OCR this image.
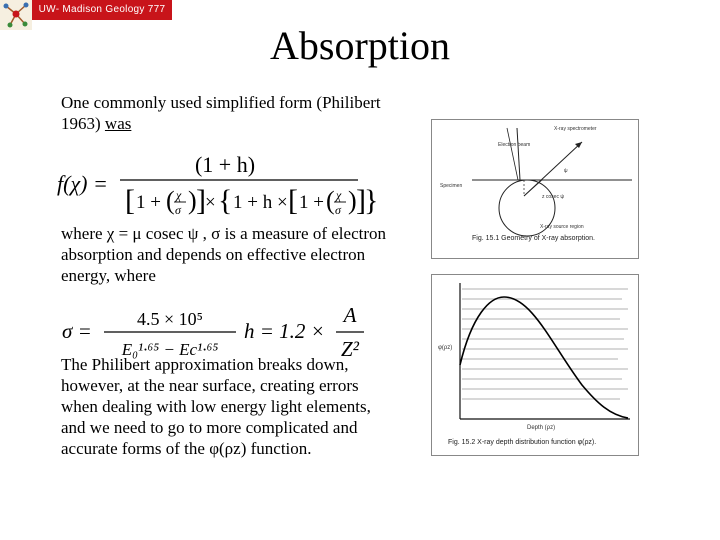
UW- Madison Geology 777
Absorption
One commonly used simplified form (Philibert 1963) was
f(χ) =
(1 + h)
[ 1 + ( χ
σ ) ] × { 1 + h × [ 1 + ( χ
σ ) ]
}
where χ = μ cosec ψ , σ is a measure of electron absorption and depends on effective electron energy, where
σ =	4.5 × 10⁵
E₀¹·⁶⁵ − Ec¹·⁶⁵
h = 1.2 ×
A
Z²
The Philibert approximation breaks down, however, at the near surface, creating errors when dealing with low energy light elements, and we need to go to more complicated and accurate forms of the φ(ρz) function.
X-ray spectrometer
Electron beam
Specimen
ψ
z cosec ψ
X-ray source region
Fig. 15.1 Geometry of X-ray absorption.
φ(ρz)
Depth (ρz)
Fig. 15.2 X-ray depth distribution function φ(ρz).
